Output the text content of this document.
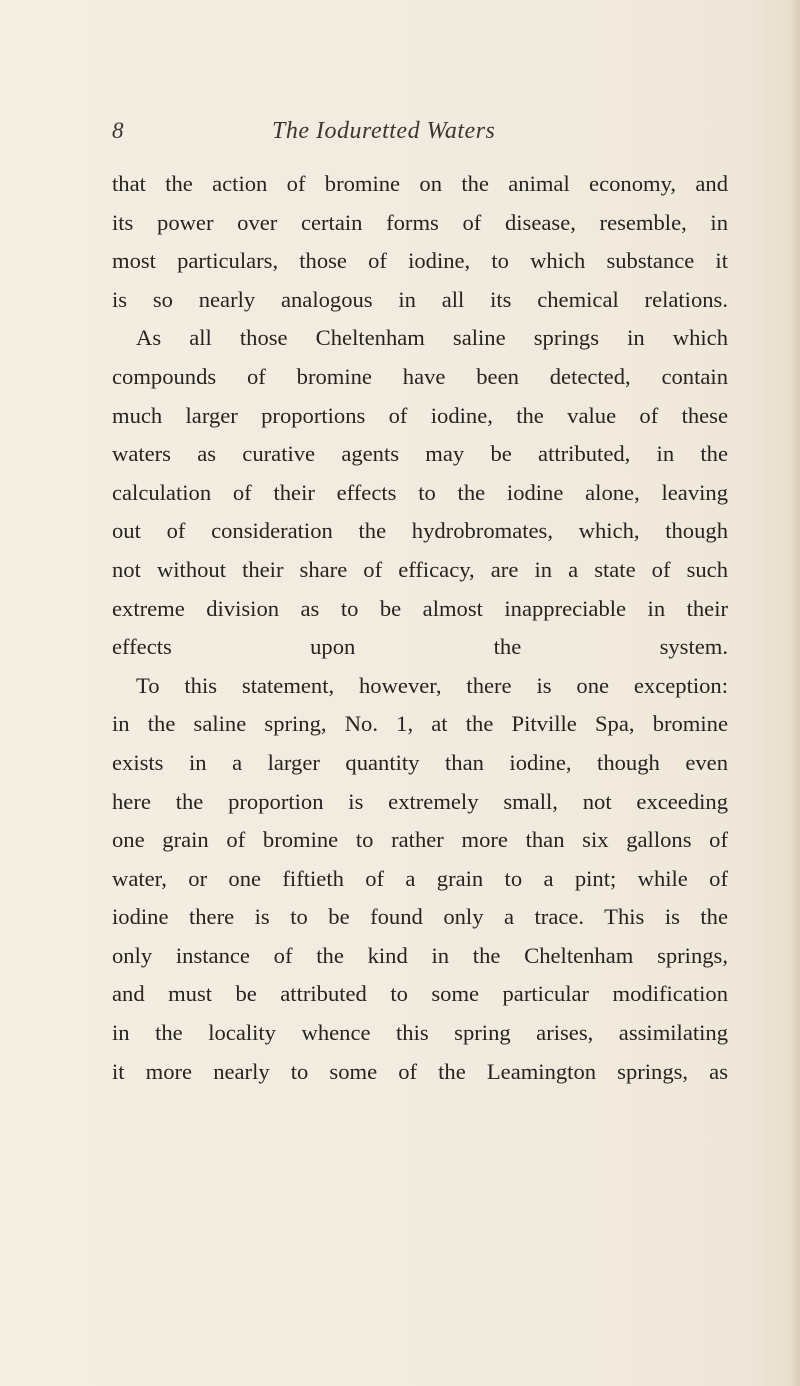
8	The Ioduretted Waters
that the action of bromine on the animal economy, and
its power over certain forms of disease, resemble, in
most particulars, those of iodine, to which substance it
is so nearly analogous in all its chemical relations.
As all those Cheltenham saline springs in which
compounds of bromine have been detected, contain
much larger proportions of iodine, the value of these
waters as curative agents may be attributed, in the
calculation of their effects to the iodine alone, leaving
out of consideration the hydrobromates, which, though
not without their share of efficacy, are in a state of such
extreme division as to be almost inappreciable in their
effects upon the system.
To this statement, however, there is one exception:
in the saline spring, No. 1, at the Pitville Spa, bromine
exists in a larger quantity than iodine, though even
here the proportion is extremely small, not exceeding
one grain of bromine to rather more than six gallons of
water, or one fiftieth of a grain to a pint; while of
iodine there is to be found only a trace. This is the
only instance of the kind in the Cheltenham springs,
and must be attributed to some particular modification
in the locality whence this spring arises, assimilating
it more nearly to some of the Leamington springs, as
